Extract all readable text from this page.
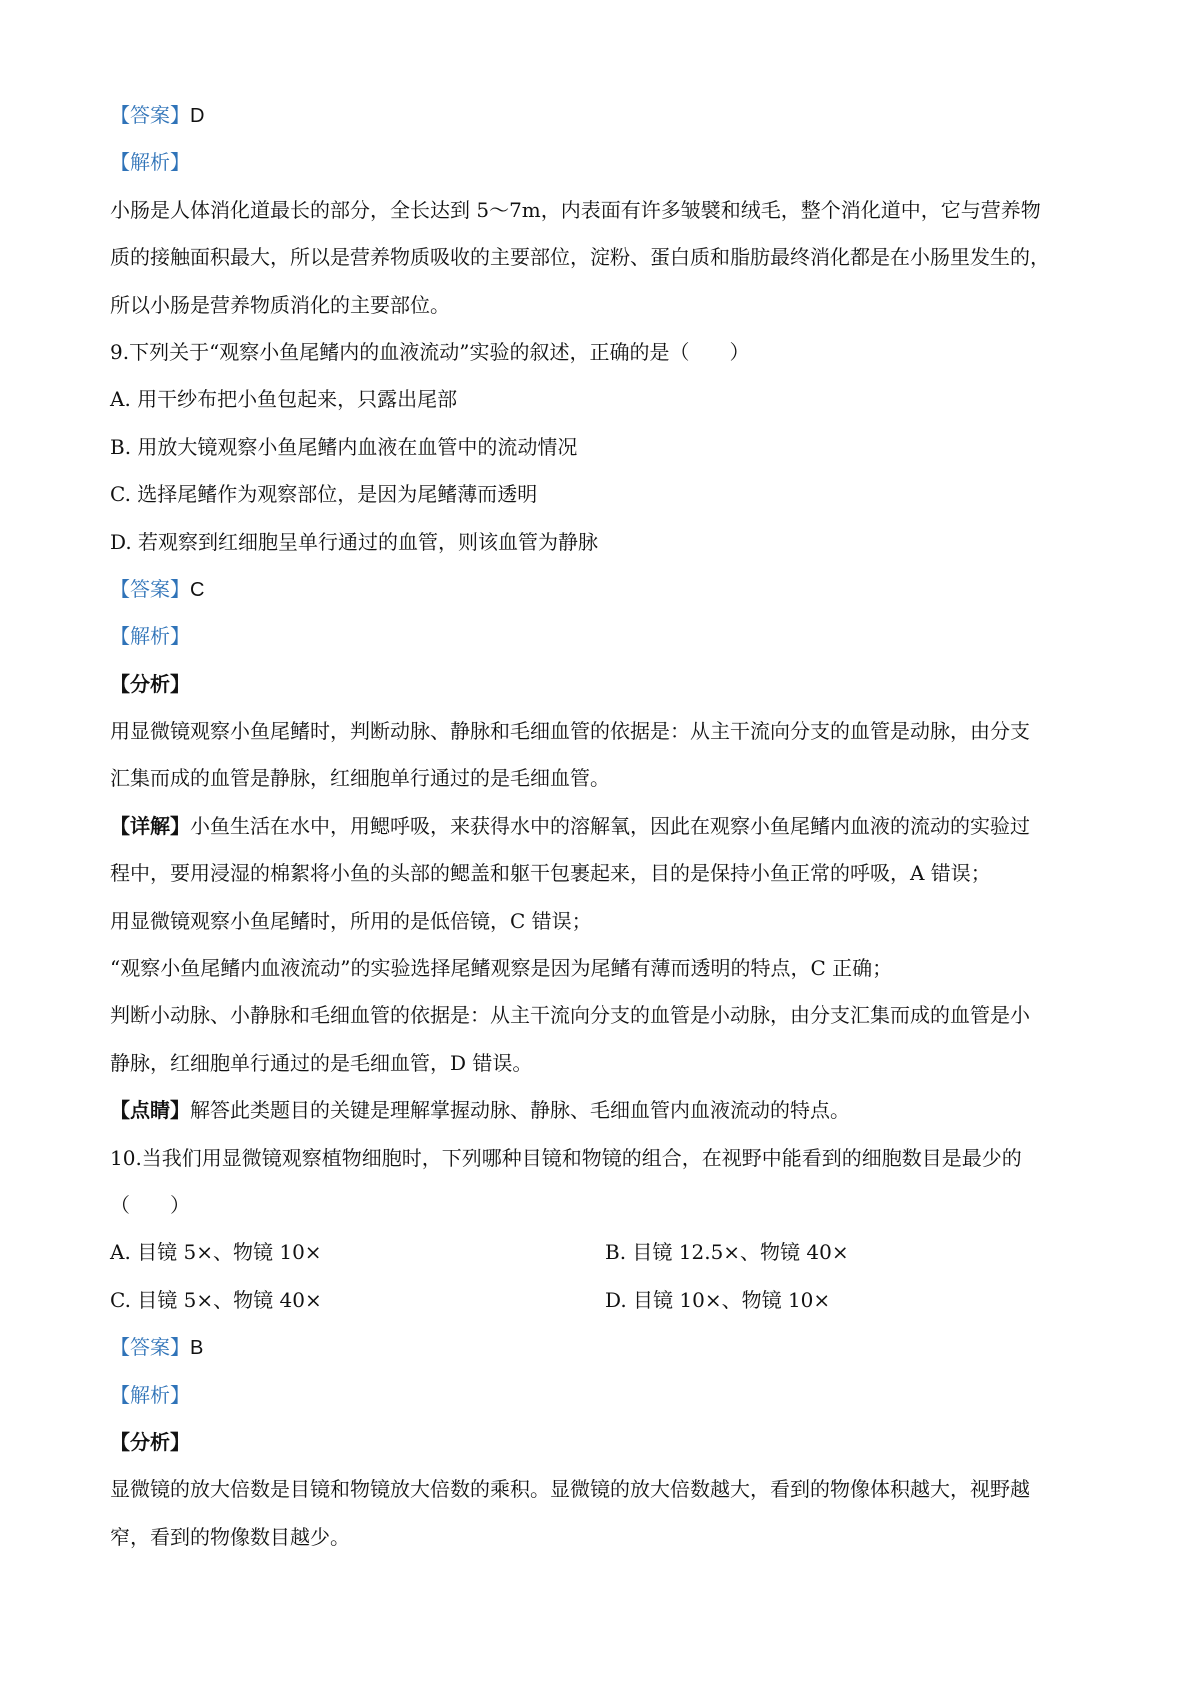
【答案】D
【解析】
小肠是人体消化道最长的部分，全长达到 5～7m，内表面有许多皱襞和绒毛，整个消化道中，它与营养物
质的接触面积最大，所以是营养物质吸收的主要部位，淀粉、蛋白质和脂肪最终消化都是在小肠里发生的，
所以小肠是营养物质消化的主要部位。
9.下列关于“观察小鱼尾鳍内的血液流动”实验的叙述，正确的是（　　）
A. 用干纱布把小鱼包起来，只露出尾部
B. 用放大镜观察小鱼尾鳍内血液在血管中的流动情况
C. 选择尾鳍作为观察部位，是因为尾鳍薄而透明
D. 若观察到红细胞呈单行通过的血管，则该血管为静脉
【答案】C
【解析】
【分析】
用显微镜观察小鱼尾鳍时，判断动脉、静脉和毛细血管的依据是：从主干流向分支的血管是动脉，由分支
汇集而成的血管是静脉，红细胞单行通过的是毛细血管。
【详解】小鱼生活在水中，用鳃呼吸，来获得水中的溶解氧，因此在观察小鱼尾鳍内血液的流动的实验过
程中，要用浸湿的棉絮将小鱼的头部的鳃盖和躯干包裹起来，目的是保持小鱼正常的呼吸，A 错误；
用显微镜观察小鱼尾鳍时，所用的是低倍镜，C 错误；
“观察小鱼尾鳍内血液流动”的实验选择尾鳍观察是因为尾鳍有薄而透明的特点，C 正确；
判断小动脉、小静脉和毛细血管的依据是：从主干流向分支的血管是小动脉，由分支汇集而成的血管是小
静脉，红细胞单行通过的是毛细血管，D 错误。
【点睛】解答此类题目的关键是理解掌握动脉、静脉、毛细血管内血液流动的特点。
10.当我们用显微镜观察植物细胞时，下列哪种目镜和物镜的组合，在视野中能看到的细胞数目是最少的
（　　）
A. 目镜 5×、物镜 10×	B. 目镜 12.5×、物镜 40×
C. 目镜 5×、物镜 40×	D. 目镜 10×、物镜 10×
【答案】B
【解析】
【分析】
显微镜的放大倍数是目镜和物镜放大倍数的乘积。显微镜的放大倍数越大，看到的物像体积越大，视野越
窄，看到的物像数目越少。
